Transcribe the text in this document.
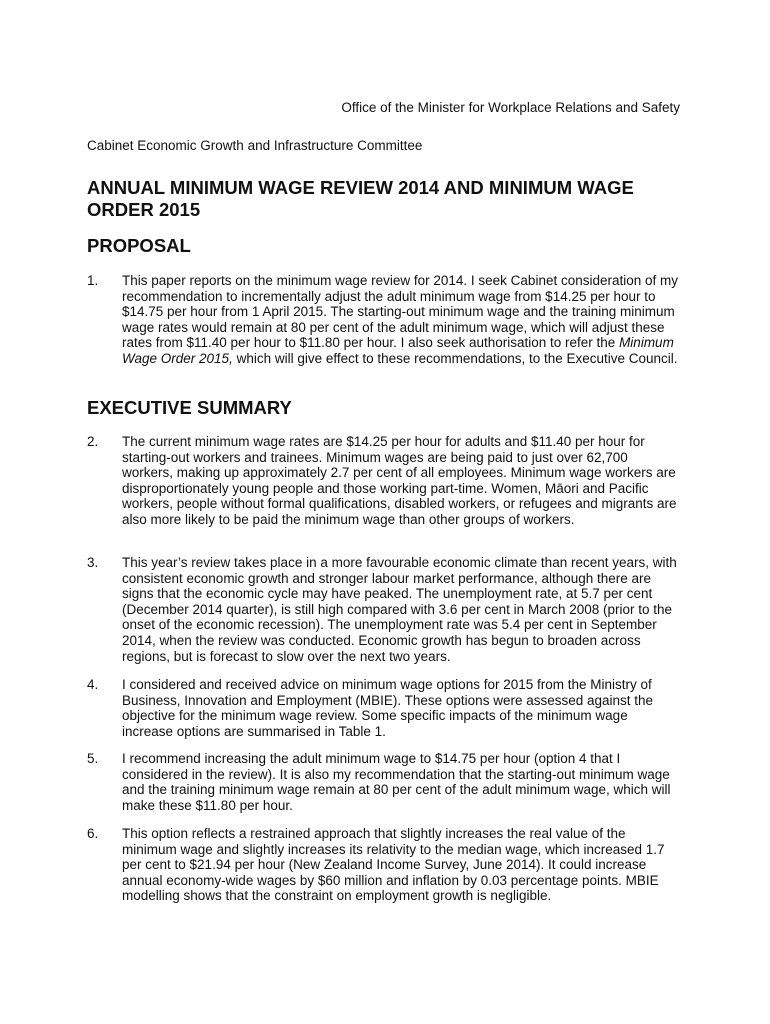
Office of the Minister for Workplace Relations and Safety
Cabinet Economic Growth and Infrastructure Committee
ANNUAL MINIMUM WAGE REVIEW 2014 AND MINIMUM WAGE ORDER 2015
PROPOSAL
1.	This paper reports on the minimum wage review for 2014. I seek Cabinet consideration of my recommendation to incrementally adjust the adult minimum wage from $14.25 per hour to $14.75 per hour from 1 April 2015. The starting-out minimum wage and the training minimum wage rates would remain at 80 per cent of the adult minimum wage, which will adjust these rates from $11.40 per hour to $11.80 per hour. I also seek authorisation to refer the Minimum Wage Order 2015, which will give effect to these recommendations, to the Executive Council.
EXECUTIVE SUMMARY
2.	The current minimum wage rates are $14.25 per hour for adults and $11.40 per hour for starting-out workers and trainees. Minimum wages are being paid to just over 62,700 workers, making up approximately 2.7 per cent of all employees. Minimum wage workers are disproportionately young people and those working part-time. Women, Māori and Pacific workers, people without formal qualifications, disabled workers, or refugees and migrants are also more likely to be paid the minimum wage than other groups of workers.
3.	This year’s review takes place in a more favourable economic climate than recent years, with consistent economic growth and stronger labour market performance, although there are signs that the economic cycle may have peaked. The unemployment rate, at 5.7 per cent (December 2014 quarter), is still high compared with 3.6 per cent in March 2008 (prior to the onset of the economic recession). The unemployment rate was 5.4 per cent in September 2014, when the review was conducted. Economic growth has begun to broaden across regions, but is forecast to slow over the next two years.
4.	I considered and received advice on minimum wage options for 2015 from the Ministry of Business, Innovation and Employment (MBIE). These options were assessed against the objective for the minimum wage review. Some specific impacts of the minimum wage increase options are summarised in Table 1.
5.	I recommend increasing the adult minimum wage to $14.75 per hour (option 4 that I considered in the review). It is also my recommendation that the starting-out minimum wage and the training minimum wage remain at 80 per cent of the adult minimum wage, which will make these $11.80 per hour.
6.	This option reflects a restrained approach that slightly increases the real value of the minimum wage and slightly increases its relativity to the median wage, which increased 1.7 per cent to $21.94 per hour (New Zealand Income Survey, June 2014). It could increase annual economy-wide wages by $60 million and inflation by 0.03 percentage points. MBIE modelling shows that the constraint on employment growth is negligible.
